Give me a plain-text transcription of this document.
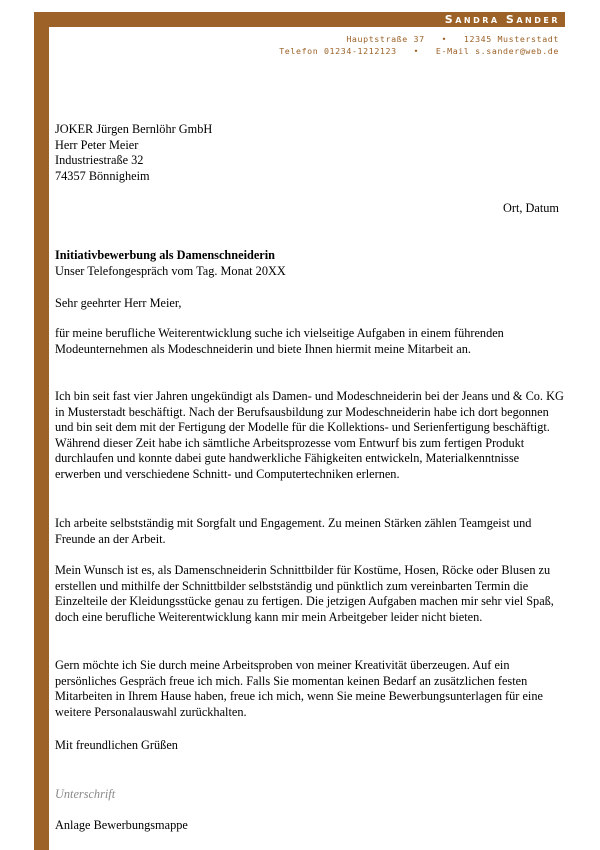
Sandra Sander
Hauptstraße 37 • 12345 Musterstadt
Telefon 01234-1212123 • E-Mail s.sander@web.de

JOKER Jürgen Bernlöhr GmbH

Herr Peter Meier

Industriestraße 32

74357 Bönnigheim

Ort, Datum

Initiativbewerbung als Damenschneiderin

Unser Telefongespräch vom Tag. Monat 20XX

Sehr geehrter Herr Meier,

für meine berufliche Weiterentwicklung suche ich vielseitige Aufgaben in einem führenden Modeunternehmen als Modeschneiderin und biete Ihnen hiermit meine Mitarbeit an.

Ich bin seit fast vier Jahren ungekündigt als Damen- und Modeschneiderin bei der Jeans und & Co. KG in Musterstadt beschäftigt. Nach der Berufsausbildung zur Modeschneiderin habe ich dort begonnen und bin seit dem mit der Fertigung der Modelle für die Kollektions- und Serienfertigung beschäftigt. Während dieser Zeit habe ich sämtliche Arbeitsprozesse vom Entwurf bis zum fertigen Produkt durchlaufen und konnte dabei gute handwerkliche Fähigkeiten entwickeln, Materialkenntnisse erwerben und verschiedene Schnitt- und Computertechniken erlernen.

Ich arbeite selbstständig mit Sorgfalt und Engagement. Zu meinen Stärken zählen Teamgeist und Freunde an der Arbeit.

Mein Wunsch ist es, als Damenschneiderin Schnittbilder für Kostüme, Hosen, Röcke oder Blusen zu erstellen und mithilfe der Schnittbilder selbstständig und pünktlich zum vereinbarten Termin die Einzelteile der Kleidungsstücke genau zu fertigen. Die jetzigen Aufgaben machen mir sehr viel Spaß, doch eine berufliche Weiterentwicklung kann mir mein Arbeitgeber leider nicht bieten.

Gern möchte ich Sie durch meine Arbeitsproben von meiner Kreativität überzeugen. Auf ein persönliches Gespräch freue ich mich. Falls Sie momentan keinen Bedarf an zusätzlichen festen Mitarbeiten in Ihrem Hause haben, freue ich mich, wenn Sie meine Bewerbungsunterlagen für eine weitere Personalauswahl zurückhalten.

Mit freundlichen Grüßen

Unterschrift
Anlage Bewerbungsmappe
